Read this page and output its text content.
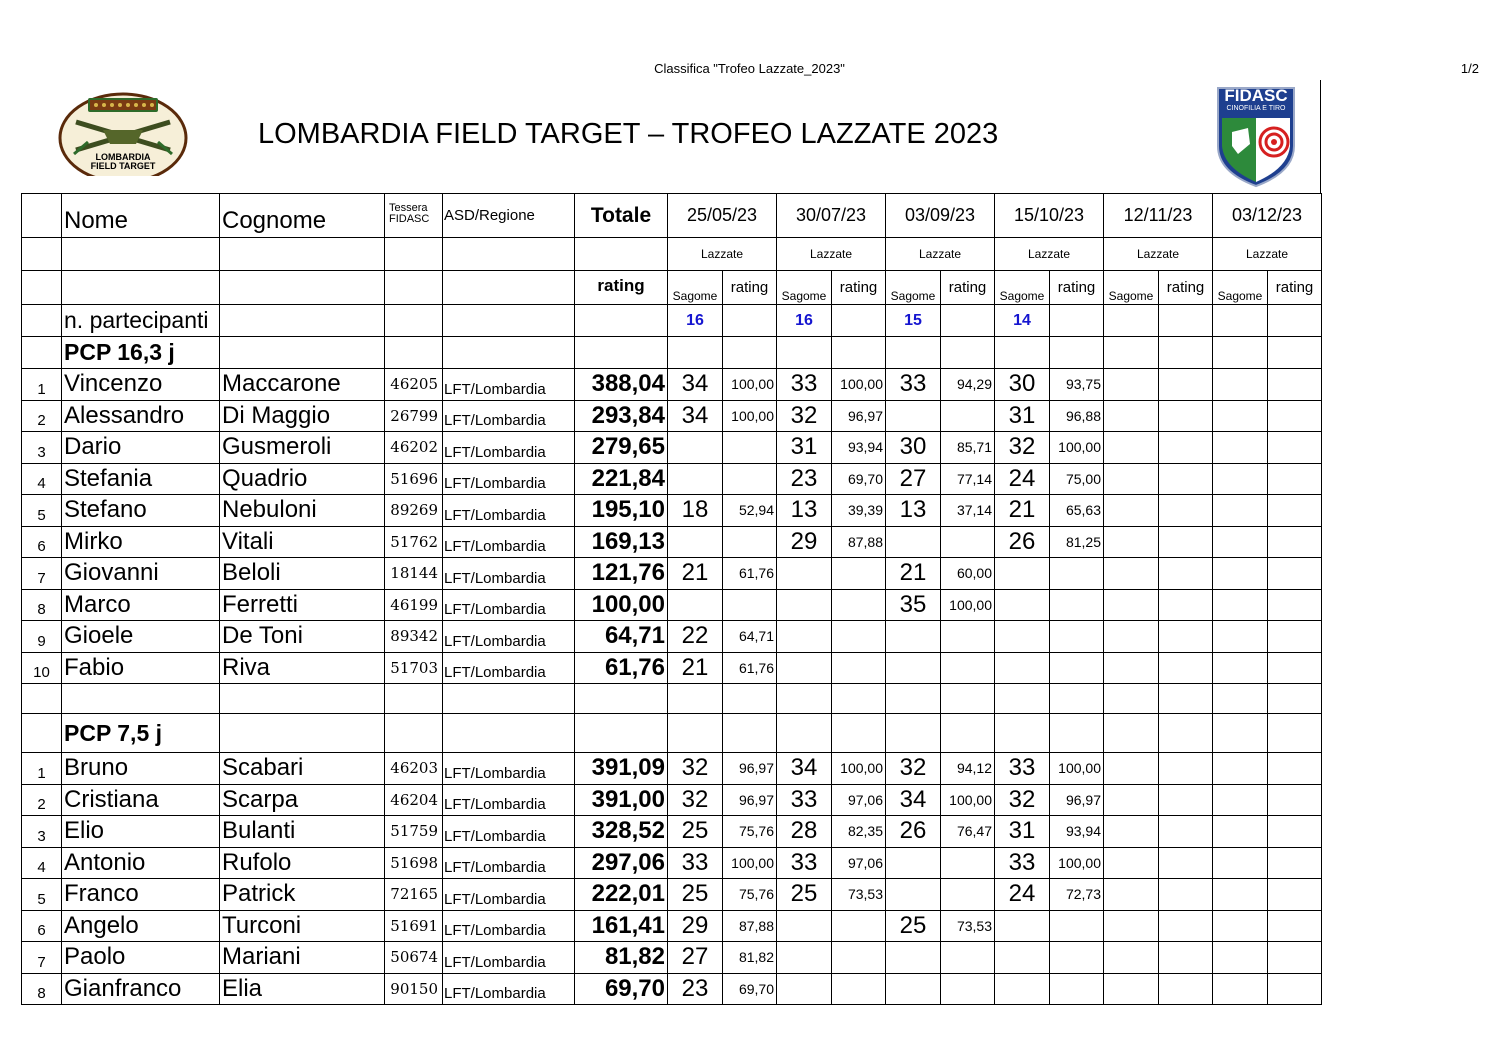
Classifica "Trofeo Lazzate_2023"	1/2
LOMBARDIA
FIELD TARGET
LOMBARDIA FIELD TARGET – TROFEO LAZZATE 2023
FIDASC
CINOFILIA E TIRO
	Nome	Cognome	Tessera
FIDASC	ASD/Regione	Totale	25/05/23		30/07/23		03/09/23		15/10/23		12/11/23		03/12/23	
						Lazzate		Lazzate		Lazzate		Lazzate		Lazzate		Lazzate	
					rating	Sagome	rating	Sagome	rating	Sagome	rating	Sagome	rating	Sagome	rating	Sagome	rating
	n. partecipanti					16		16		15		14					
	PCP 16,3 j																
1	Vincenzo	Maccarone	46205	LFT/Lombardia	388,04	34	100,00	33	100,00	33	94,29	30	93,75				
2	Alessandro	Di Maggio	26799	LFT/Lombardia	293,84	34	100,00	32	96,97			31	96,88				
3	Dario	Gusmeroli	46202	LFT/Lombardia	279,65			31	93,94	30	85,71	32	100,00				
4	Stefania	Quadrio	51696	LFT/Lombardia	221,84			23	69,70	27	77,14	24	75,00				
5	Stefano	Nebuloni	89269	LFT/Lombardia	195,10	18	52,94	13	39,39	13	37,14	21	65,63				
6	Mirko	Vitali	51762	LFT/Lombardia	169,13			29	87,88			26	81,25				
7	Giovanni	Beloli	18144	LFT/Lombardia	121,76	21	61,76			21	60,00						
8	Marco	Ferretti	46199	LFT/Lombardia	100,00					35	100,00						
9	Gioele	De Toni	89342	LFT/Lombardia	64,71	22	64,71										
10	Fabio	Riva	51703	LFT/Lombardia	61,76	21	61,76										

	PCP 7,5 j																
1	Bruno	Scabari	46203	LFT/Lombardia	391,09	32	96,97	34	100,00	32	94,12	33	100,00				
2	Cristiana	Scarpa	46204	LFT/Lombardia	391,00	32	96,97	33	97,06	34	100,00	32	96,97				
3	Elio	Bulanti	51759	LFT/Lombardia	328,52	25	75,76	28	82,35	26	76,47	31	93,94				
4	Antonio	Rufolo	51698	LFT/Lombardia	297,06	33	100,00	33	97,06			33	100,00				
5	Franco	Patrick	72165	LFT/Lombardia	222,01	25	75,76	25	73,53			24	72,73				
6	Angelo	Turconi	51691	LFT/Lombardia	161,41	29	87,88			25	73,53						
7	Paolo	Mariani	50674	LFT/Lombardia	81,82	27	81,82										
8	Gianfranco	Elia	90150	LFT/Lombardia	69,70	23	69,70										
